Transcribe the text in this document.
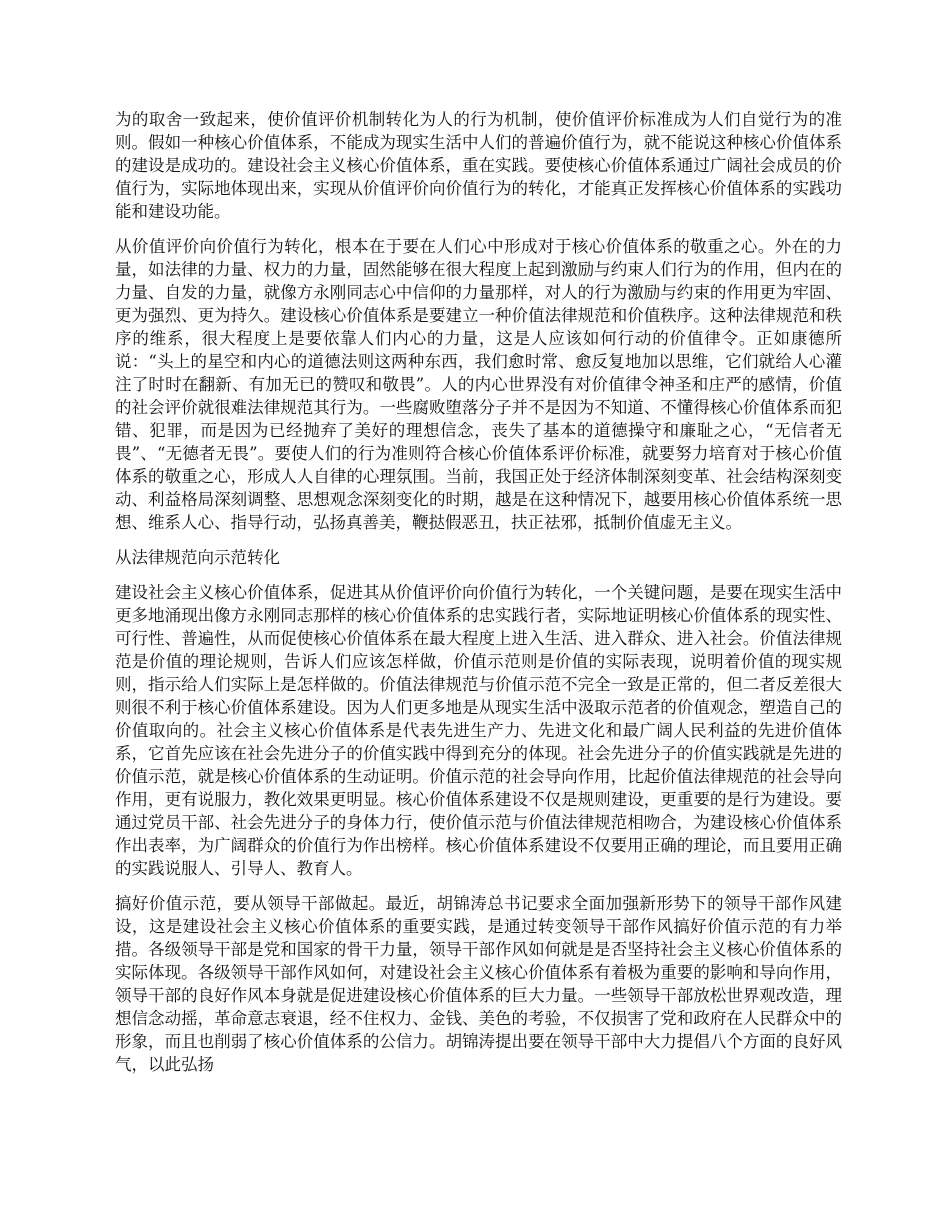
为的取舍一致起来，使价值评价机制转化为人的行为机制，使价值评价标准成为人们自觉行为的准则。假如一种核心价值体系，不能成为现实生活中人们的普遍价值行为，就不能说这种核心价值体系的建设是成功的。建设社会主义核心价值体系，重在实践。要使核心价值体系通过广阔社会成员的价值行为，实际地体现出来，实现从价值评价向价值行为的转化，才能真正发挥核心价值体系的实践功能和建设功能。

从价值评价向价值行为转化，根本在于要在人们心中形成对于核心价值体系的敬重之心。外在的力量，如法律的力量、权力的力量，固然能够在很大程度上起到激励与约束人们行为的作用，但内在的力量、自发的力量，就像方永刚同志心中信仰的力量那样，对人的行为激励与约束的作用更为牢固、更为强烈、更为持久。建设核心价值体系是要建立一种价值法律规范和价值秩序。这种法律规范和秩序的维系，很大程度上是要依靠人们内心的力量，这是人应该如何行动的价值律令。正如康德所说：“头上的星空和内心的道德法则这两种东西，我们愈时常、愈反复地加以思维，它们就给人心灌注了时时在翻新、有加无已的赞叹和敬畏”。人的内心世界没有对价值律令神圣和庄严的感情，价值的社会评价就很难法律规范其行为。一些腐败堕落分子并不是因为不知道、不懂得核心价值体系而犯错、犯罪，而是因为已经抛弃了美好的理想信念，丧失了基本的道德操守和廉耻之心，“无信者无畏”、“无德者无畏”。要使人们的行为准则符合核心价值体系评价标准，就要努力培育对于核心价值体系的敬重之心，形成人人自律的心理氛围。当前，我国正处于经济体制深刻变革、社会结构深刻变动、利益格局深刻调整、思想观念深刻变化的时期，越是在这种情况下，越要用核心价值体系统一思想、维系人心、指导行动，弘扬真善美，鞭挞假恶丑，扶正祛邪，抵制价值虚无主义。

从法律规范向示范转化

建设社会主义核心价值体系，促进其从价值评价向价值行为转化，一个关键问题，是要在现实生活中更多地涌现出像方永刚同志那样的核心价值体系的忠实践行者，实际地证明核心价值体系的现实性、可行性、普遍性，从而促使核心价值体系在最大程度上进入生活、进入群众、进入社会。价值法律规范是价值的理论规则，告诉人们应该怎样做，价值示范则是价值的实际表现，说明着价值的现实规则，指示给人们实际上是怎样做的。价值法律规范与价值示范不完全一致是正常的，但二者反差很大则很不利于核心价值体系建设。因为人们更多地是从现实生活中汲取示范者的价值观念，塑造自己的价值取向的。社会主义核心价值体系是代表先进生产力、先进文化和最广阔人民利益的先进价值体系，它首先应该在社会先进分子的价值实践中得到充分的体现。社会先进分子的价值实践就是先进的价值示范，就是核心价值体系的生动证明。价值示范的社会导向作用，比起价值法律规范的社会导向作用，更有说服力，教化效果更明显。核心价值体系建设不仅是规则建设，更重要的是行为建设。要通过党员干部、社会先进分子的身体力行，使价值示范与价值法律规范相吻合，为建设核心价值体系作出表率，为广阔群众的价值行为作出榜样。核心价值体系建设不仅要用正确的理论，而且要用正确的实践说服人、引导人、教育人。

搞好价值示范，要从领导干部做起。最近，胡锦涛总书记要求全面加强新形势下的领导干部作风建设，这是建设社会主义核心价值体系的重要实践，是通过转变领导干部作风搞好价值示范的有力举措。各级领导干部是党和国家的骨干力量，领导干部作风如何就是是否坚持社会主义核心价值体系的实际体现。各级领导干部作风如何，对建设社会主义核心价值体系有着极为重要的影响和导向作用，领导干部的良好作风本身就是促进建设核心价值体系的巨大力量。一些领导干部放松世界观改造，理想信念动摇，革命意志衰退，经不住权力、金钱、美色的考验，不仅损害了党和政府在人民群众中的形象，而且也削弱了核心价值体系的公信力。胡锦涛提出要在领导干部中大力提倡八个方面的良好风气，以此弘扬
